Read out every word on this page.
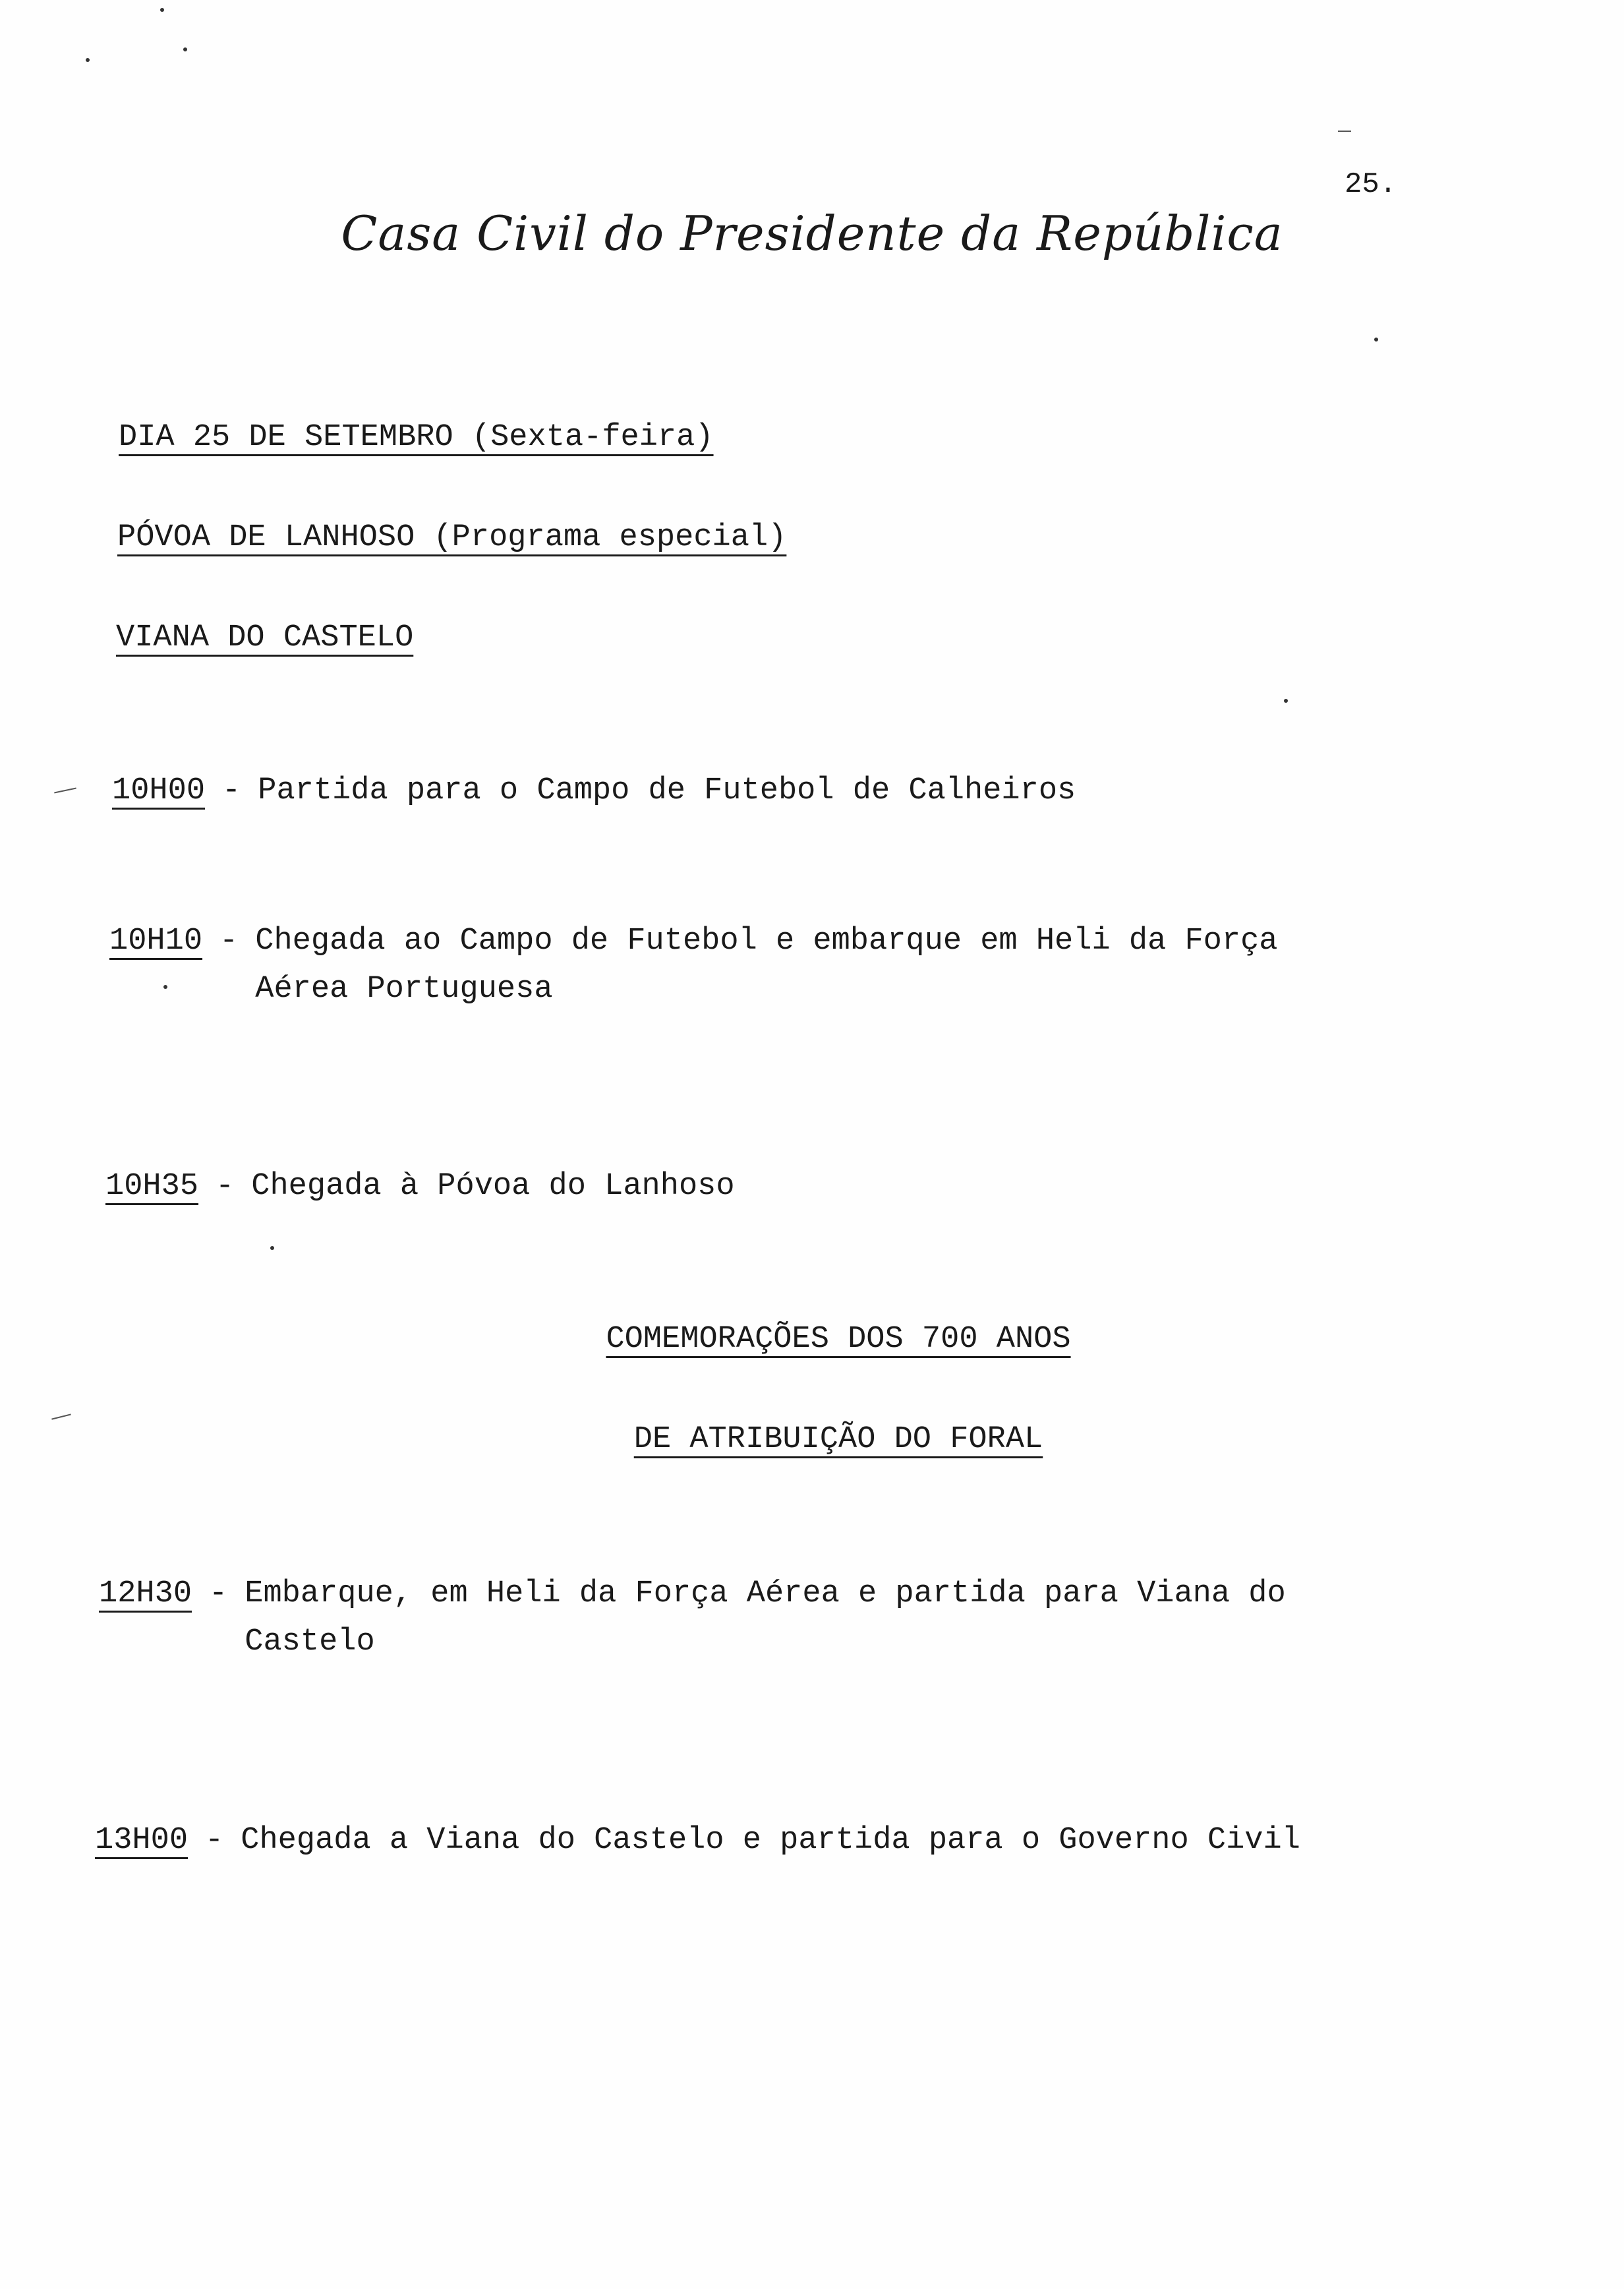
25.
Casa Civil do Presidente da República
DIA 25 DE SETEMBRO (Sexta-feira)
PÓVOA DE LANHOSO (Programa especial)
VIANA DO CASTELO
10H00 - Partida para o Campo de Futebol de Calheiros
10H10 - Chegada ao Campo de Futebol e embarque em Heli da Força
Aérea Portuguesa
10H35 - Chegada à Póvoa do Lanhoso
COMEMORAÇÕES DOS 700 ANOS
DE ATRIBUIÇÃO DO FORAL
12H30 - Embarque, em Heli da Força Aérea e partida para Viana do
Castelo
13H00 - Chegada a Viana do Castelo e partida para o Governo Civil
